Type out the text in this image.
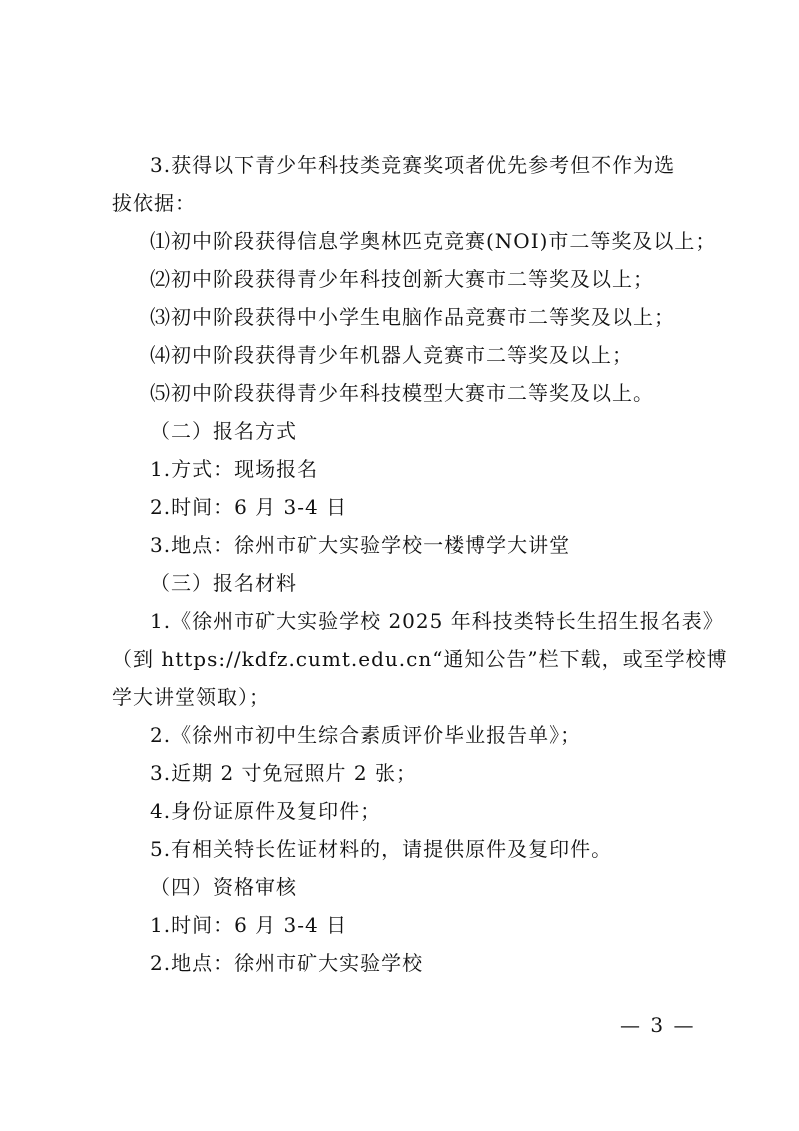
3.获得以下青少年科技类竞赛奖项者优先参考但不作为选
拔依据：
⑴初中阶段获得信息学奥林匹克竞赛(NOI)市二等奖及以上；
⑵初中阶段获得青少年科技创新大赛市二等奖及以上；
⑶初中阶段获得中小学生电脑作品竞赛市二等奖及以上；
⑷初中阶段获得青少年机器人竞赛市二等奖及以上；
⑸初中阶段获得青少年科技模型大赛市二等奖及以上。
（二）报名方式
1.方式：现场报名
2.时间：6 月 3-4 日
3.地点：徐州市矿大实验学校一楼博学大讲堂
（三）报名材料
1.《徐州市矿大实验学校 2025 年科技类特长生招生报名表》
（到 https://kdfz.cumt.edu.cn“通知公告”栏下载，或至学校博
学大讲堂领取）；
2.《徐州市初中生综合素质评价毕业报告单》；
3.近期 2 寸免冠照片 2 张；
4.身份证原件及复印件；
5.有相关特长佐证材料的，请提供原件及复印件。
（四）资格审核
1.时间：6 月 3-4 日
2.地点：徐州市矿大实验学校
— 3 —
